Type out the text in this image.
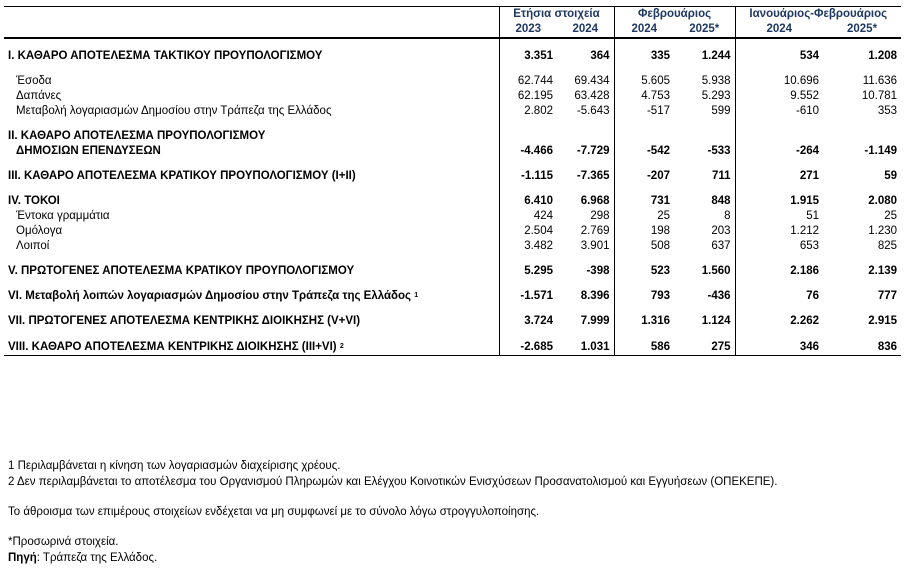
	Ετήσια στοιχεία		Φεβρουάριος		Ιανουάριος-Φεβρουάριος	
	2023	2024	2024	2025*	2024	2025*

I. ΚΑΘΑΡΟ ΑΠΟΤΕΛΕΣΜΑ ΤΑΚΤΙΚΟΥ ΠΡΟΥΠΟΛΟΓΙΣΜΟΥ	3.351	364	335	1.244	534	1.208

Έσοδα	62.744	69.434	5.605	5.938	10.696	11.636
Δαπάνες	62.195	63.428	4.753	5.293	9.552	10.781
Μεταβολή λογαριασμών Δημοσίου στην Τράπεζα της Ελλάδος	2.802	-5.643	-517	599	-610	353

II. ΚΑΘΑΡΟ ΑΠΟΤΕΛΕΣΜΑ ΠΡΟΥΠΟΛΟΓΙΣΜΟΥ						
ΔΗΜΟΣΙΩΝ ΕΠΕΝΔΥΣΕΩΝ	-4.466	-7.729	-542	-533	-264	-1.149

III. ΚΑΘΑΡΟ ΑΠΟΤΕΛΕΣΜΑ ΚΡΑΤΙΚΟΥ ΠΡΟΥΠΟΛΟΓΙΣΜΟΥ (I+II)	-1.115	-7.365	-207	711	271	59

IV. ΤΟΚΟΙ	6.410	6.968	731	848	1.915	2.080
Έντοκα γραμμάτια	424	298	25	8	51	25
Ομόλογα	2.504	2.769	198	203	1.212	1.230
Λοιποί	3.482	3.901	508	637	653	825

V. ΠΡΩΤΟΓΕΝΕΣ ΑΠΟΤΕΛΕΣΜΑ ΚΡΑΤΙΚΟΥ ΠΡΟΥΠΟΛΟΓΙΣΜΟΥ	5.295	-398	523	1.560	2.186	2.139

VI. Μεταβολή λοιπών λογαριασμών Δημοσίου στην Τράπεζα της Ελλάδος $^1$	-1.571	8.396	793	-436	76	777

VII. ΠΡΩΤΟΓΕΝΕΣ ΑΠΟΤΕΛΕΣΜΑ ΚΕΝΤΡΙΚΗΣ ΔΙΟΙΚΗΣΗΣ (V+VI)	3.724	7.999	1.316	1.124	2.262	2.915

VIII. ΚΑΘΑΡΟ ΑΠΟΤΕΛΕΣΜΑ ΚΕΝΤΡΙΚΗΣ ΔΙΟΙΚΗΣΗΣ (III+VI) $^2$	-2.685	1.031	586	275	346	836

1 Περιλαμβάνεται η κίνηση των λογαριασμών διαχείρισης χρέους.

2 Δεν περιλαμβάνεται το αποτέλεσμα του Οργανισμού Πληρωμών και Ελέγχου Κοινοτικών Ενισχύσεων Προσανατολισμού και Εγγυήσεων (ΟΠΕΚΕΠΕ).

Το άθροισμα των επιμέρους στοιχείων ενδέχεται να μη συμφωνεί με το σύνολο λόγω στρογγυλοποίησης.

*Προσωρινά στοιχεία.

Πηγή: Τράπεζα της Ελλάδος.
